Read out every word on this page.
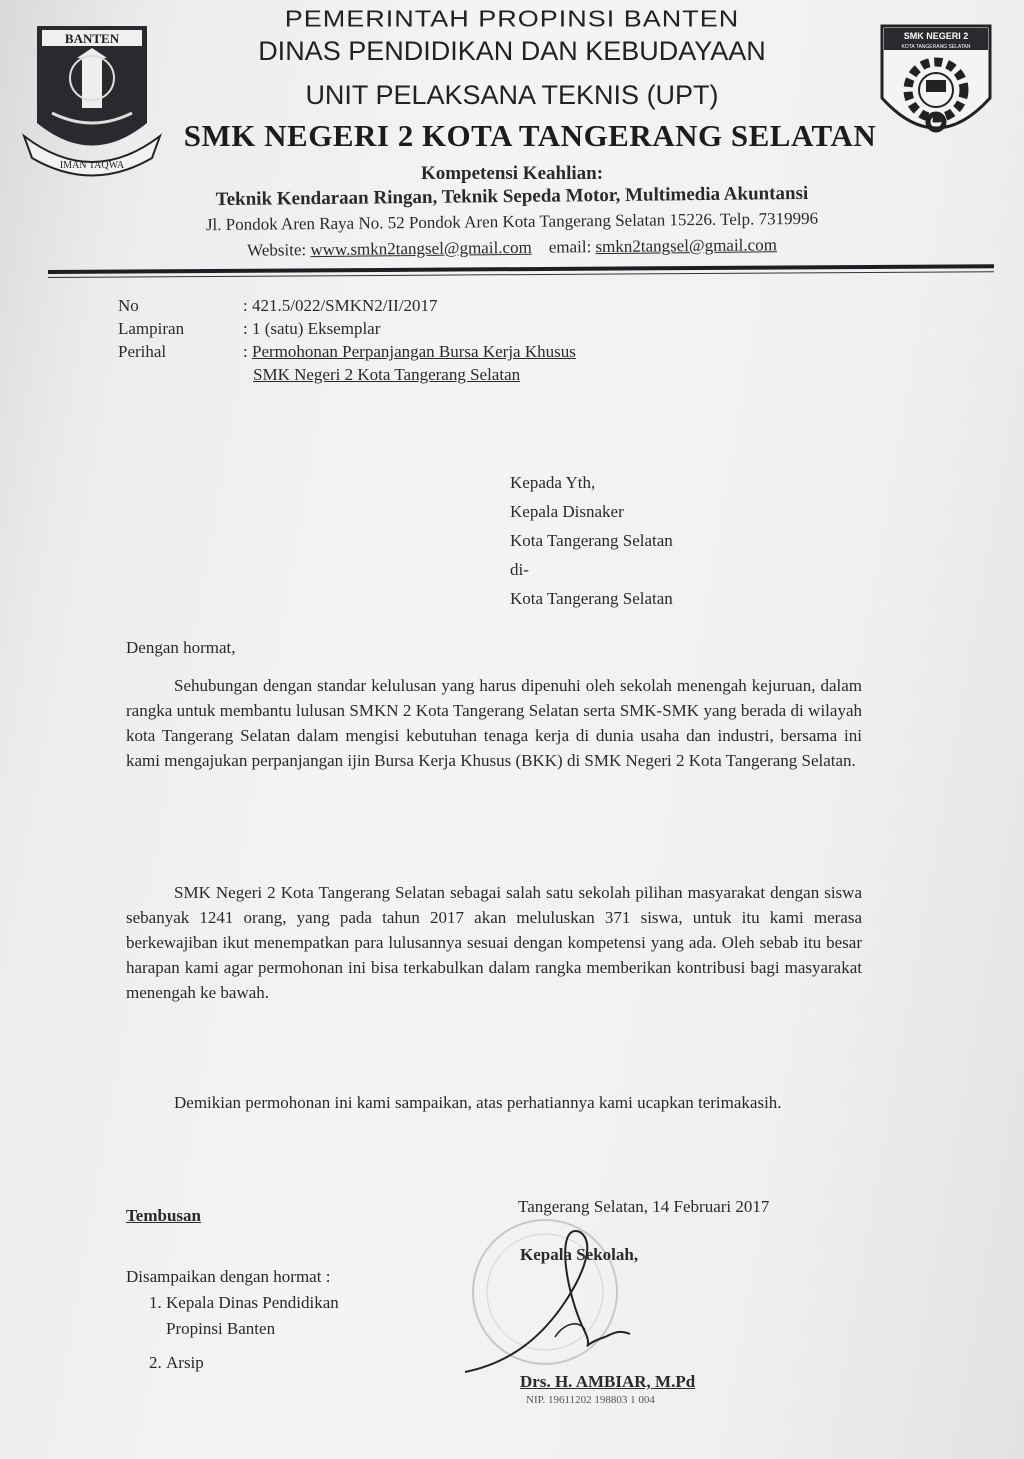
BANTEN
IMAN TAQWA
SMK NEGERI 2
KOTA TANGERANG SELATAN
PEMERINTAH PROPINSI BANTEN
DINAS PENDIDIKAN DAN KEBUDAYAAN
UNIT PELAKSANA TEKNIS (UPT)
SMK NEGERI 2 KOTA TANGERANG SELATAN
Kompetensi Keahlian:
Teknik Kendaraan Ringan, Teknik Sepeda Motor, Multimedia Akuntansi
Jl. Pondok Aren Raya No. 52 Pondok Aren Kota Tangerang Selatan 15226. Telp. 7319996
Website: www.smkn2tangsel@gmail.com email: smkn2tangsel@gmail.com
No
Lampiran
Perihal
: 421.5/022/SMKN2/II/2017
: 1 (satu) Eksemplar
: Permohonan Perpanjangan Bursa Kerja Khusus
SMK Negeri 2 Kota Tangerang Selatan
Kepada Yth,
Kepala Disnaker
Kota Tangerang Selatan
di-
Kota Tangerang Selatan
Dengan hormat,

Sehubungan dengan standar kelulusan yang harus dipenuhi oleh sekolah menengah kejuruan, dalam rangka untuk membantu lulusan SMKN 2 Kota Tangerang Selatan serta SMK-SMK yang berada di wilayah kota Tangerang Selatan dalam mengisi kebutuhan tenaga kerja di dunia usaha dan industri, bersama ini kami mengajukan perpanjangan ijin Bursa Kerja Khusus (BKK) di SMK Negeri 2 Kota Tangerang Selatan.

SMK Negeri 2 Kota Tangerang Selatan sebagai salah satu sekolah pilihan masyarakat dengan siswa sebanyak 1241 orang, yang pada tahun 2017 akan meluluskan 371 siswa, untuk itu kami merasa berkewajiban ikut menempatkan para lulusannya sesuai dengan kompetensi yang ada. Oleh sebab itu besar harapan kami agar permohonan ini bisa terkabulkan dalam rangka memberikan kontribusi bagi masyarakat menengah ke bawah.

Demikian permohonan ini kami sampaikan, atas perhatiannya kami ucapkan terimakasih.

Tangerang Selatan, 14 Februari 2017
Kepala Sekolah,
Drs. H. AMBIAR, M.Pd
NIP. 19611202 198803 1 004
Tembusan
Disampaikan dengan hormat :
1. Kepala Dinas Pendidikan Propinsi Banten
2. Arsip
